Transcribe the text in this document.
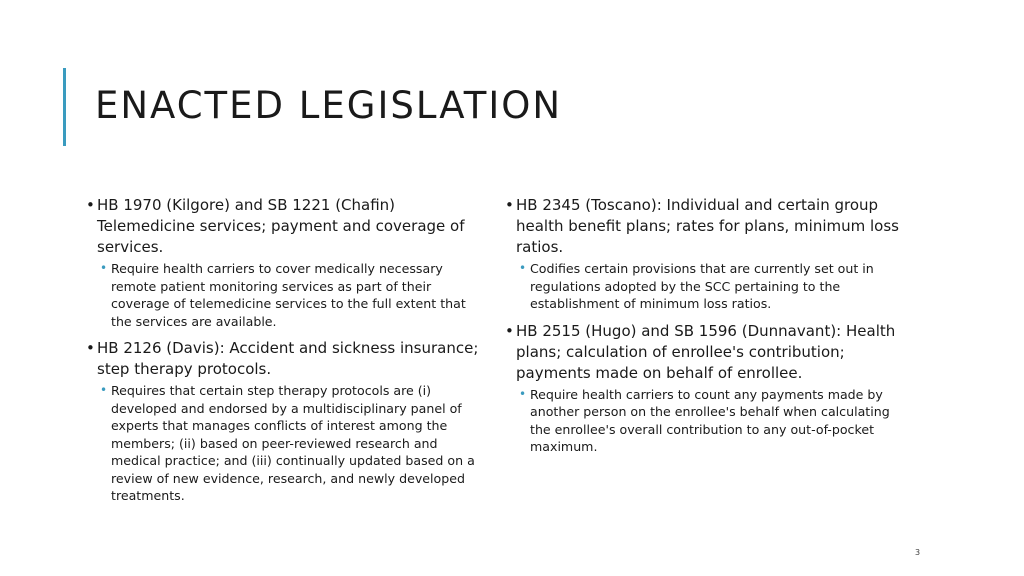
ENACTED LEGISLATION
• HB 1970 (Kilgore) and SB 1221 (Chafin) Telemedicine services; payment and coverage of services.
• Require health carriers to cover medically necessary remote patient monitoring services as part of their coverage of telemedicine services to the full extent that the services are available.
• HB 2126 (Davis): Accident and sickness insurance; step therapy protocols.
• Requires that certain step therapy protocols are (i) developed and endorsed by a multidisciplinary panel of experts that manages conflicts of interest among the members; (ii) based on peer-reviewed research and medical practice; and (iii) continually updated based on a review of new evidence, research, and newly developed treatments.
• HB 2345 (Toscano): Individual and certain group health benefit plans; rates for plans, minimum loss ratios.
• Codifies certain provisions that are currently set out in regulations adopted by the SCC pertaining to the establishment of minimum loss ratios.
• HB 2515 (Hugo) and SB 1596 (Dunnavant): Health plans; calculation of enrollee's contribution; payments made on behalf of enrollee.
• Require health carriers to count any payments made by another person on the enrollee's behalf when calculating the enrollee's overall contribution to any out-of-pocket maximum.
3
